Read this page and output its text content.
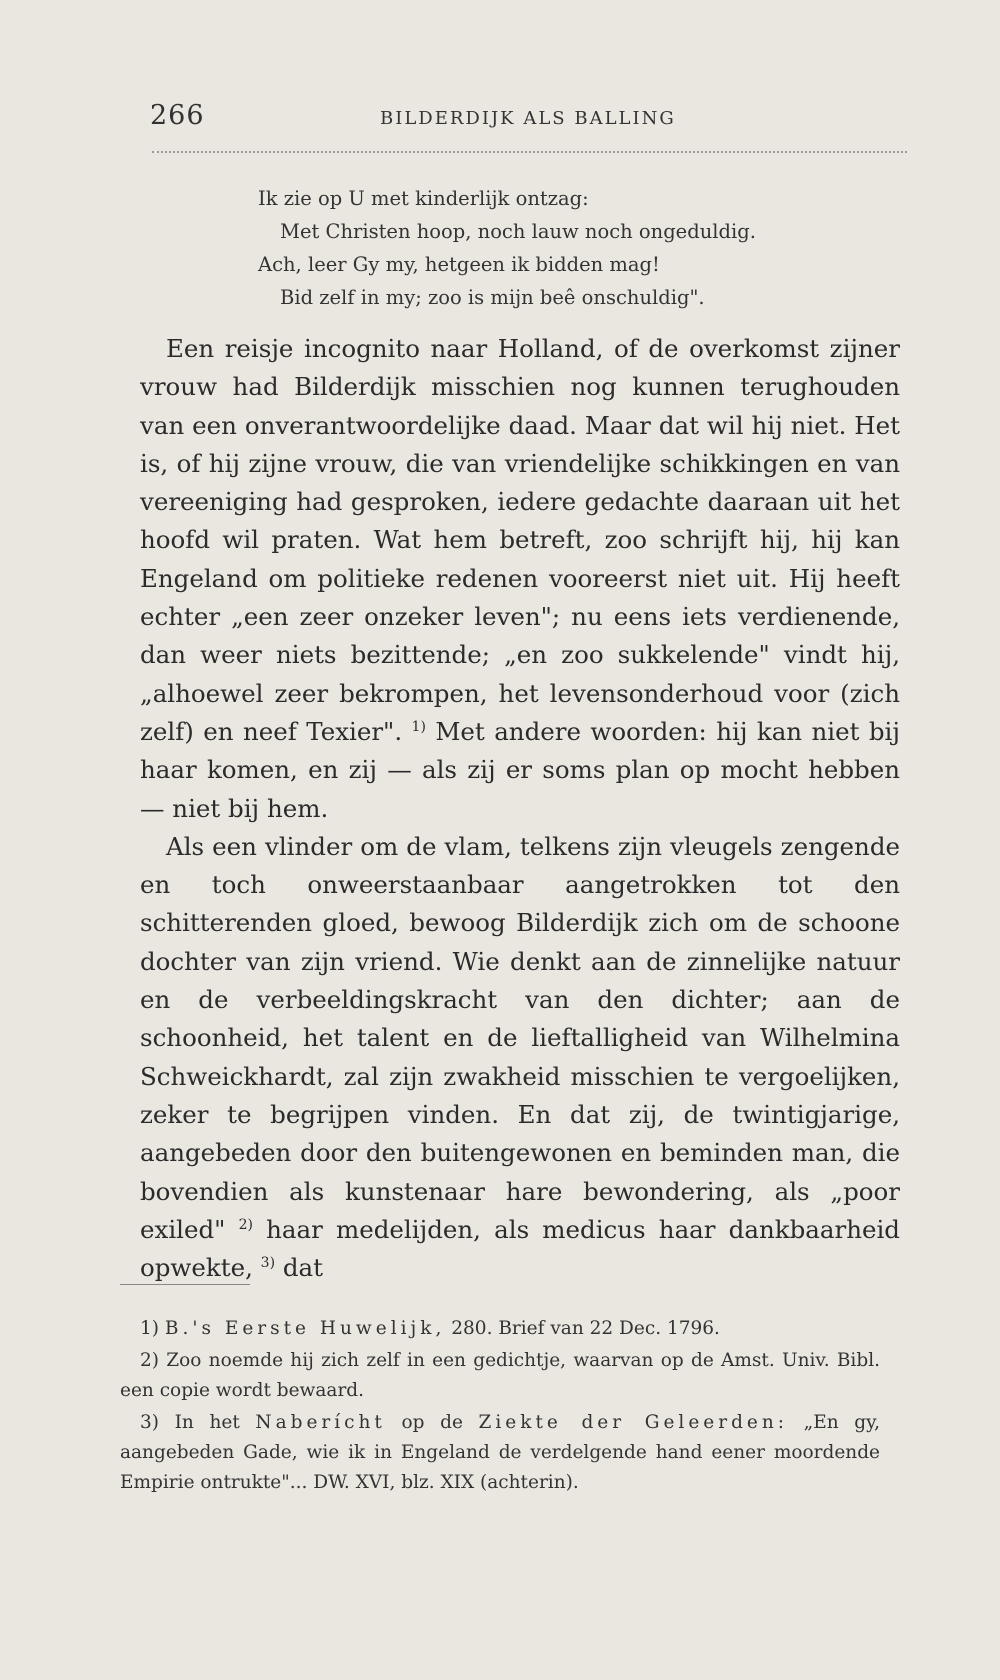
266	BILDERDIJK ALS BALLING
Ik zie op U met kinderlijk ontzag:
Met Christen hoop, noch lauw noch ongeduldig.
Ach, leer Gy my, hetgeen ik bidden mag!
Bid zelf in my; zoo is mijn beê onschuldig".

Een reisje incognito naar Holland, of de overkomst zijner vrouw had Bilderdijk misschien nog kunnen terughouden van een onverantwoordelijke daad. Maar dat wil hij niet. Het is, of hij zijne vrouw, die van vriendelijke schikkingen en van vereeniging had gesproken, iedere gedachte daaraan uit het hoofd wil praten. Wat hem betreft, zoo schrijft hij, hij kan Engeland om politieke redenen vooreerst niet uit. Hij heeft echter „een zeer onzeker leven"; nu eens iets verdienende, dan weer niets bezittende; „en zoo sukkelende" vindt hij, „alhoewel zeer bekrompen, het levensonderhoud voor (zich zelf) en neef Texier". $^{1)}$ Met andere woorden: hij kan niet bij haar komen, en zij — als zij er soms plan op mocht hebben — niet bij hem.

Als een vlinder om de vlam, telkens zijn vleugels zengende en toch onweerstaanbaar aangetrokken tot den schitterenden gloed, bewoog Bilderdijk zich om de schoone dochter van zijn vriend. Wie denkt aan de zinnelijke natuur en de verbeeldingskracht van den dichter; aan de schoonheid, het talent en de lieftalligheid van Wilhelmina Schweickhardt, zal zijn zwakheid misschien te vergoelijken, zeker te begrijpen vinden. En dat zij, de twintigjarige, aangebeden door den buitengewonen en beminden man, die bovendien als kunstenaar hare bewondering, als „poor exiled" $^{2)}$ haar medelijden, als medicus haar dankbaarheid opwekte, $^{3)}$ dat

1) B.'s Eerste Huwelijk, 280. Brief van 22 Dec. 1796.

2) Zoo noemde hij zich zelf in een gedichtje, waarvan op de Amst. Univ. Bibl. een copie wordt bewaard.

3) In het Naberícht op de Ziekte der Geleerden: „En gy, aangebeden Gade, wie ik in Engeland de verdelgende hand eener moordende Empirie ontrukte"... DW. XVI, blz. XIX (achterin).
